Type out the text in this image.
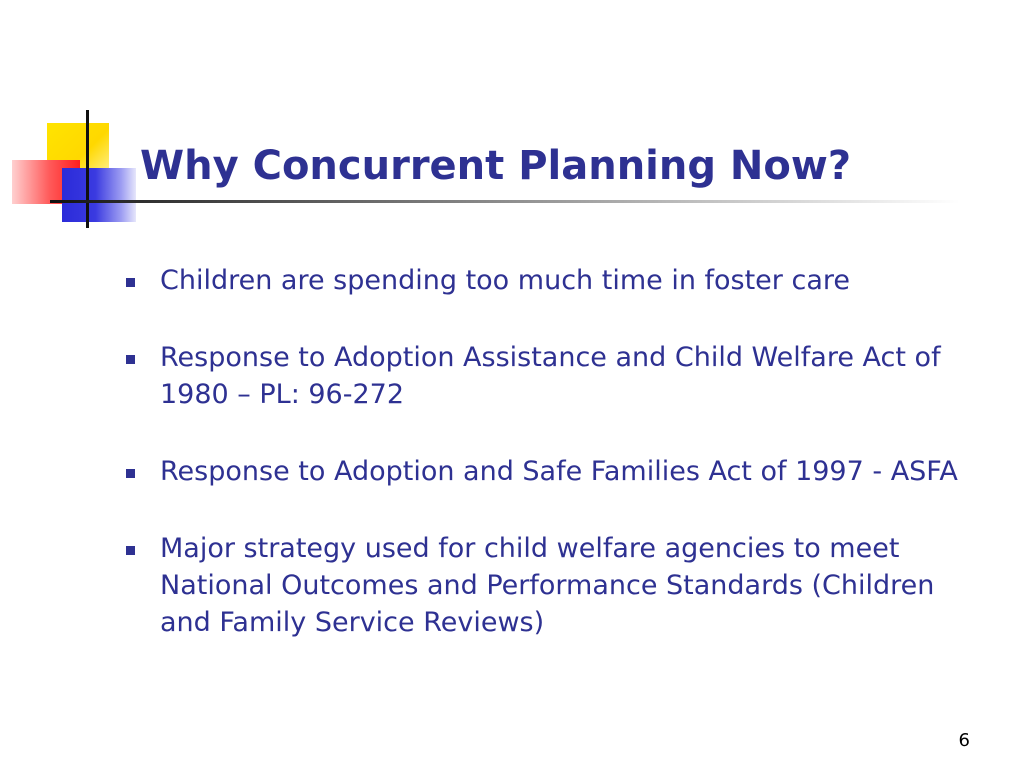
Why Concurrent Planning Now?
Children are spending too much time in foster care
Response to Adoption Assistance and Child Welfare Act of 1980 – PL: 96-272
Response to Adoption and Safe Families Act of 1997 - ASFA
Major strategy used for child welfare agencies to meet National Outcomes and Performance Standards (Children and Family Service Reviews)
6
